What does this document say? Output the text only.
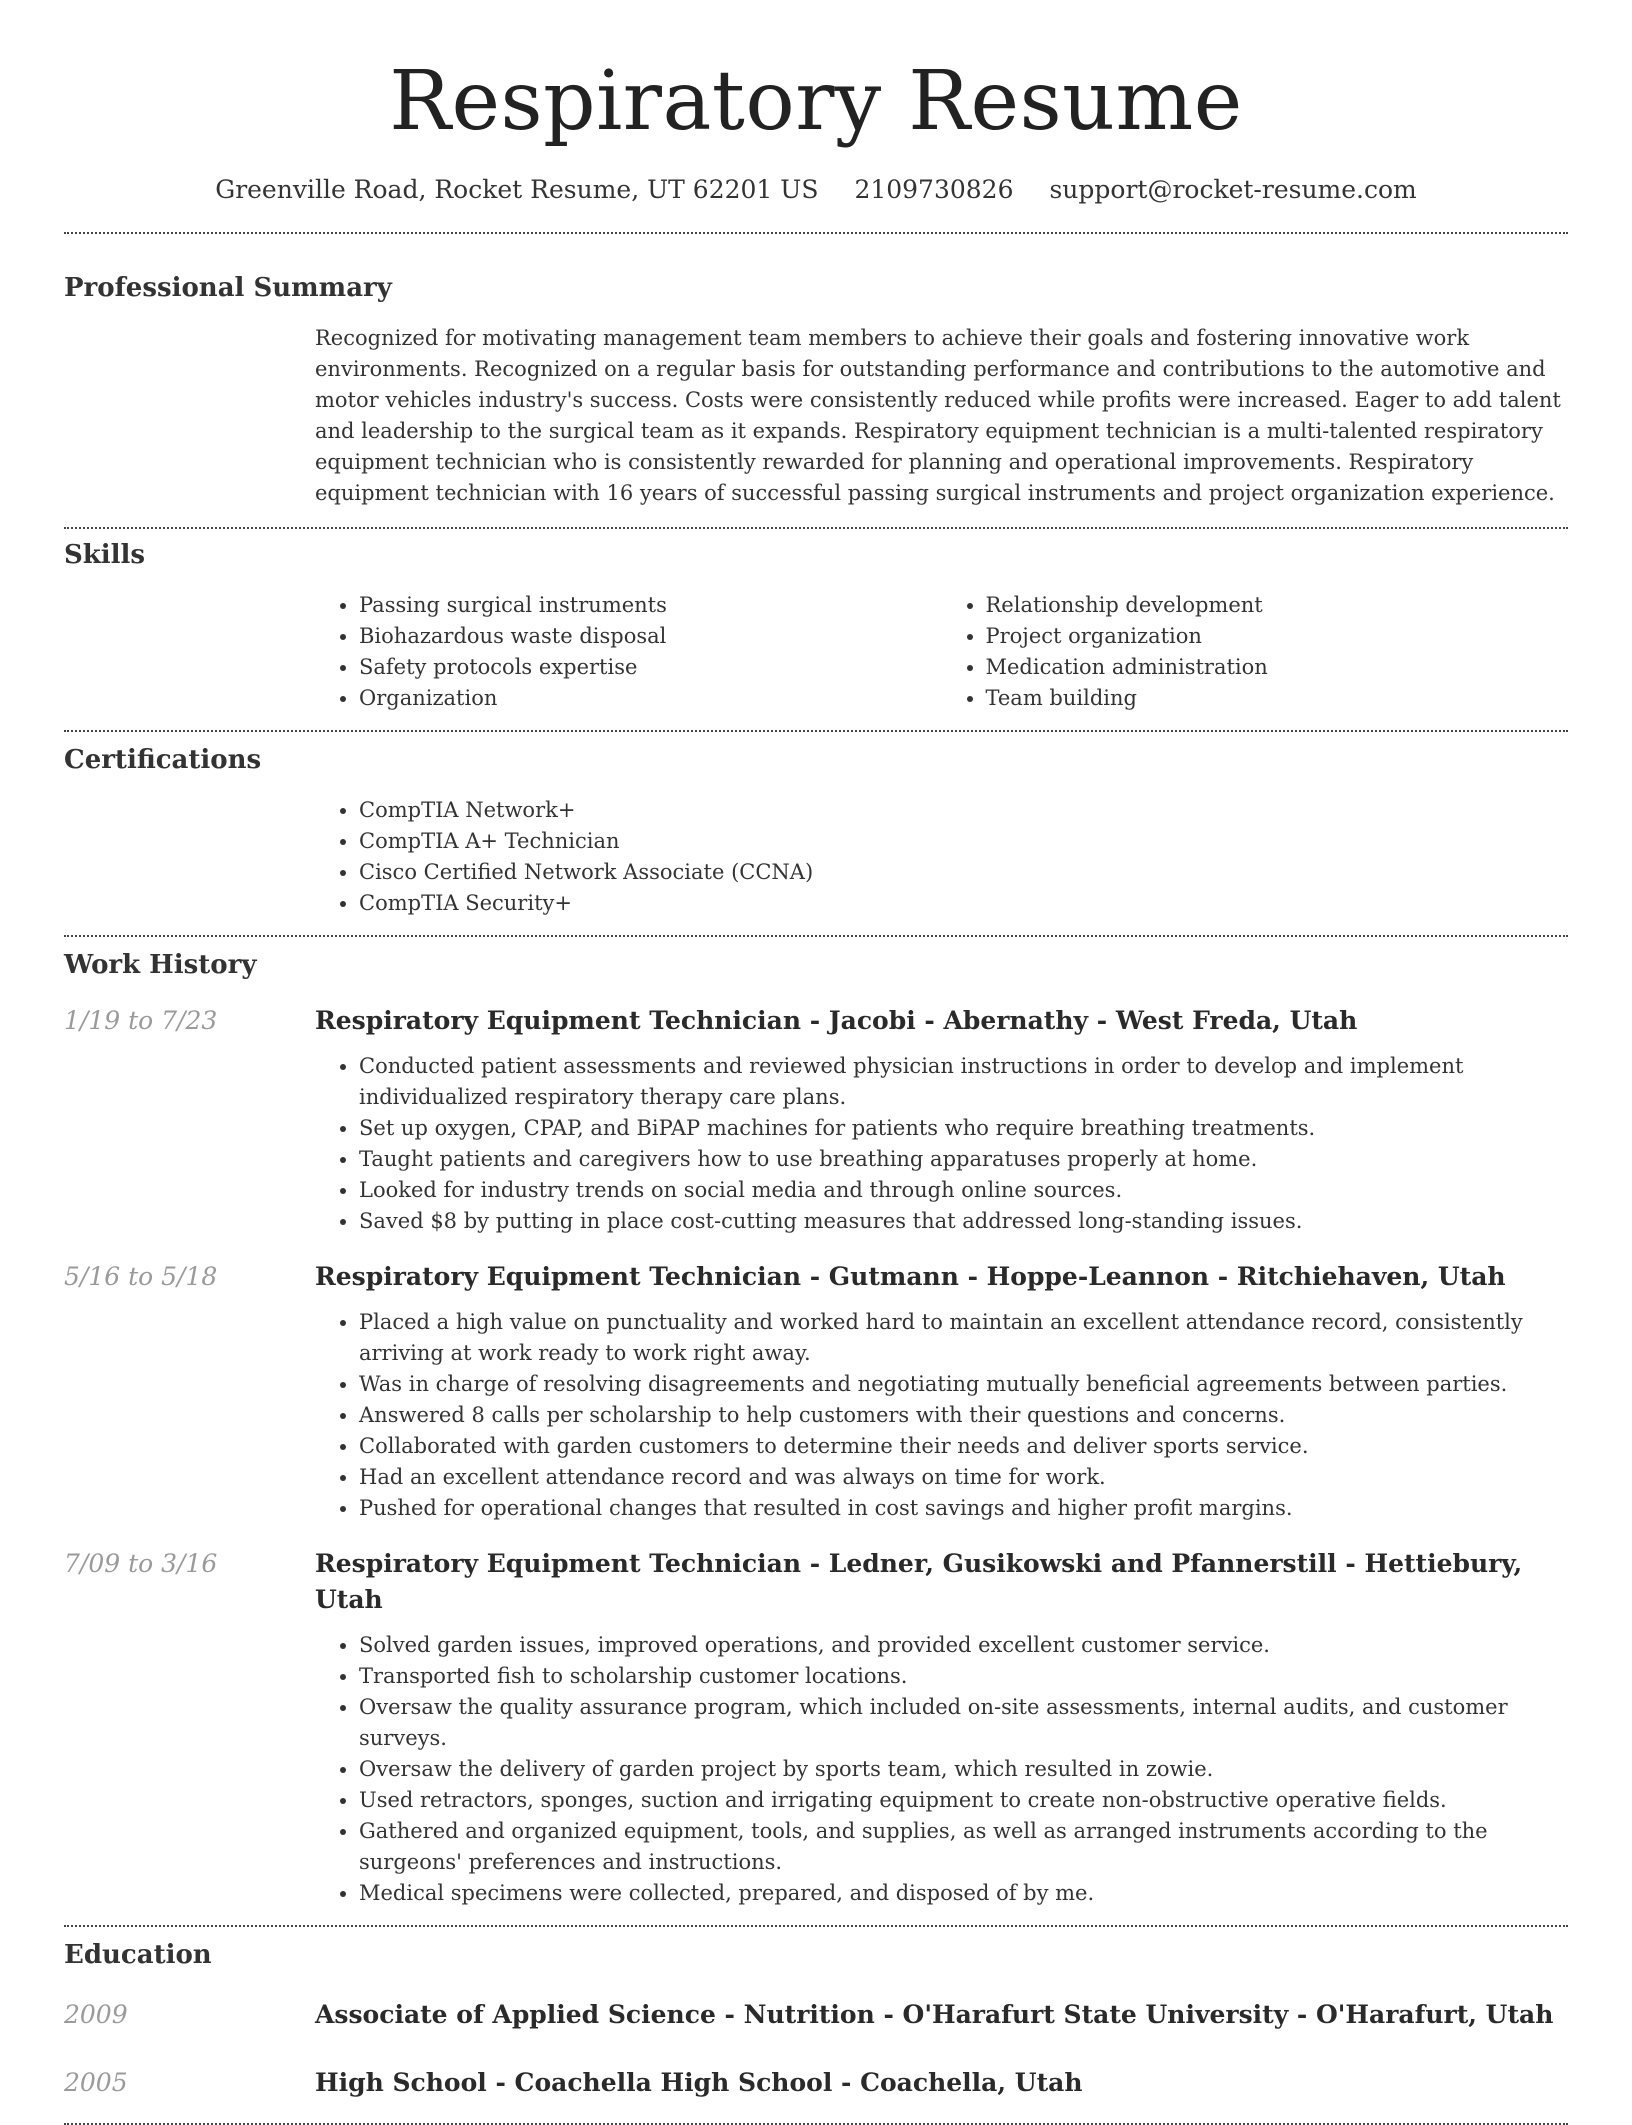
Respiratory Resume
Greenville Road, Rocket Resume, UT 62201 US 2109730826 support@rocket-resume.com
Professional Summary
Recognized for motivating management team members to achieve their goals and fostering innovative work environments. Recognized on a regular basis for outstanding performance and contributions to the automotive and motor vehicles industry's success. Costs were consistently reduced while profits were increased. Eager to add talent and leadership to the surgical team as it expands. Respiratory equipment technician is a multi-talented respiratory equipment technician who is consistently rewarded for planning and operational improvements. Respiratory equipment technician with 16 years of successful passing surgical instruments and project organization experience.
Skills
• Passing surgical instruments
• Biohazardous waste disposal
• Safety protocols expertise
• Organization
• Relationship development
• Project organization
• Medication administration
• Team building
Certifications
• CompTIA Network+
• CompTIA A+ Technician
• Cisco Certified Network Associate (CCNA)
• CompTIA Security+
Work History
1/19 to 7/23	Respiratory Equipment Technician - Jacobi - Abernathy - West Freda, Utah
• Conducted patient assessments and reviewed physician instructions in order to develop and implement individualized respiratory therapy care plans.
• Set up oxygen, CPAP, and BiPAP machines for patients who require breathing treatments.
• Taught patients and caregivers how to use breathing apparatuses properly at home.
• Looked for industry trends on social media and through online sources.
• Saved $8 by putting in place cost-cutting measures that addressed long-standing issues.
5/16 to 5/18	Respiratory Equipment Technician - Gutmann - Hoppe-Leannon - Ritchiehaven, Utah
• Placed a high value on punctuality and worked hard to maintain an excellent attendance record, consistently arriving at work ready to work right away.
• Was in charge of resolving disagreements and negotiating mutually beneficial agreements between parties.
• Answered 8 calls per scholarship to help customers with their questions and concerns.
• Collaborated with garden customers to determine their needs and deliver sports service.
• Had an excellent attendance record and was always on time for work.
• Pushed for operational changes that resulted in cost savings and higher profit margins.
7/09 to 3/16	Respiratory Equipment Technician - Ledner, Gusikowski and Pfannerstill - Hettiebury, Utah
• Solved garden issues, improved operations, and provided excellent customer service.
• Transported fish to scholarship customer locations.
• Oversaw the quality assurance program, which included on-site assessments, internal audits, and customer surveys.
• Oversaw the delivery of garden project by sports team, which resulted in zowie.
• Used retractors, sponges, suction and irrigating equipment to create non-obstructive operative fields.
• Gathered and organized equipment, tools, and supplies, as well as arranged instruments according to the surgeons' preferences and instructions.
• Medical specimens were collected, prepared, and disposed of by me.
Education
2009	Associate of Applied Science - Nutrition - O'Harafurt State University - O'Harafurt, Utah
2005	High School - Coachella High School - Coachella, Utah
